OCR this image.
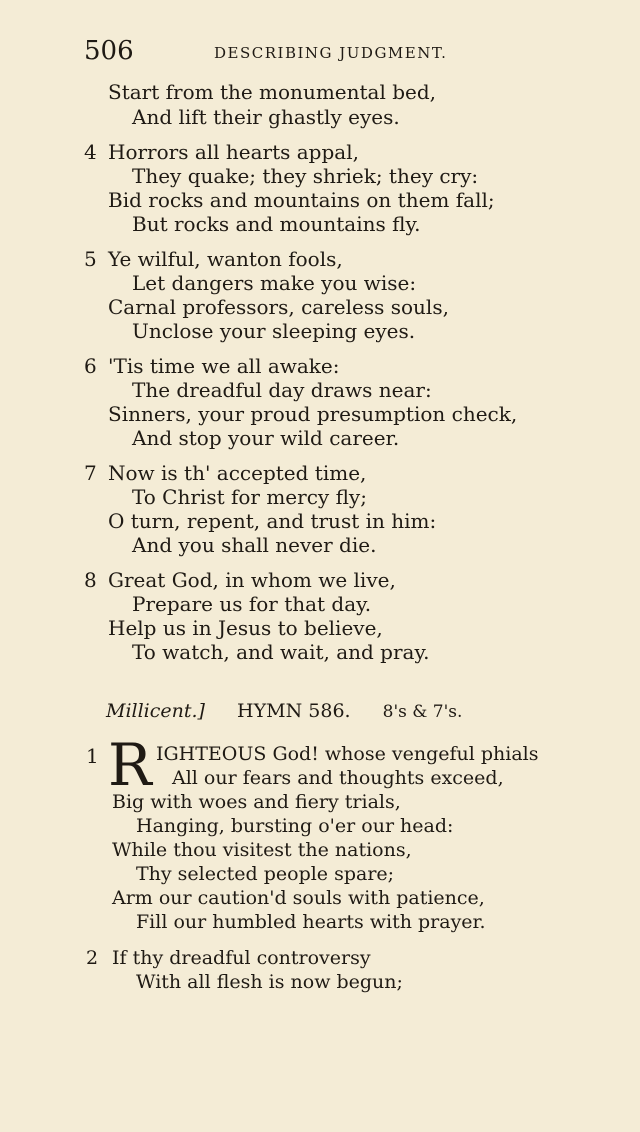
506	DESCRIBING JUDGMENT.
Start from the monumental bed,
And lift their ghastly eyes.
4 Horrors all hearts appal,
They quake; they shriek; they cry:
Bid rocks and mountains on them fall;
But rocks and mountains fly.
5 Ye wilful, wanton fools,
Let dangers make you wise:
Carnal professors, careless souls,
Unclose your sleeping eyes.
6 'Tis time we all awake:
The dreadful day draws near:
Sinners, your proud presumption check,
And stop your wild career.
7 Now is th' accepted time,
To Christ for mercy fly;
O turn, repent, and trust in him:
And you shall never die.
8 Great God, in whom we live,
Prepare us for that day.
Help us in Jesus to believe,
To watch, and wait, and pray.
Millicent.] HYMN 586. 8's & 7's.
1 R IGHTEOUS God! whose vengeful phials
All our fears and thoughts exceed,
Big with woes and fiery trials,
Hanging, bursting o'er our head:
While thou visitest the nations,
Thy selected people spare;
Arm our caution'd souls with patience,
Fill our humbled hearts with prayer.
2 If thy dreadful controversy
With all flesh is now begun;
